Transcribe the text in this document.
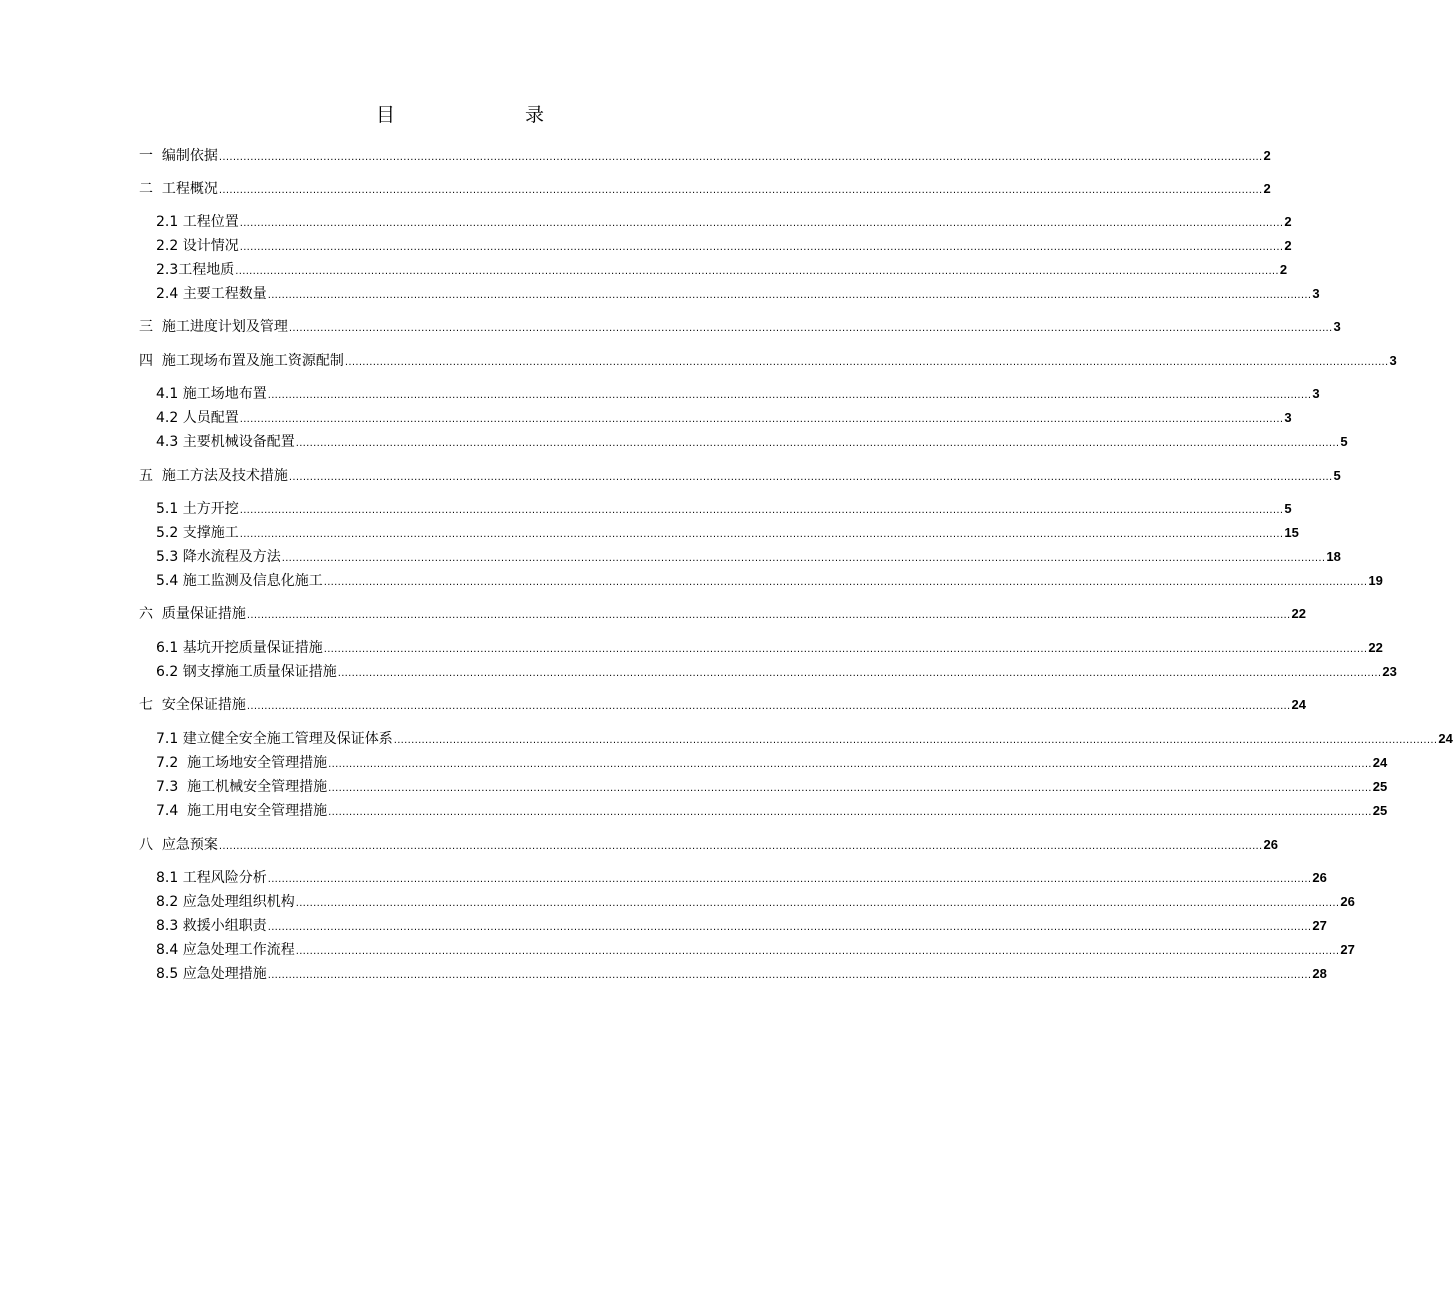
目 录
一 编制依据 ............................................................................................................................................................................................................................................................................................................ 2
二 工程概况 ............................................................................................................................................................................................................................................................................................................ 2
2.1 工程位置 ............................................................................................................................................................................................................................................................................................................ 2
2.2 设计情况 ............................................................................................................................................................................................................................................................................................................ 2
2.3 工程地质 ............................................................................................................................................................................................................................................................................................................ 2
2.4 主要工程数量 ............................................................................................................................................................................................................................................................................................................ 3
三 施工进度计划及管理 ............................................................................................................................................................................................................................................................................................................ 3
四 施工现场布置及施工资源配制 ............................................................................................................................................................................................................................................................................................................ 3
4.1 施工场地布置 ............................................................................................................................................................................................................................................................................................................ 3
4.2 人员配置 ............................................................................................................................................................................................................................................................................................................ 3
4.3 主要机械设备配置 ............................................................................................................................................................................................................................................................................................................ 5
五 施工方法及技术措施 ............................................................................................................................................................................................................................................................................................................ 5
5.1 土方开挖 ............................................................................................................................................................................................................................................................................................................ 5
5.2 支撑施工 ............................................................................................................................................................................................................................................................................................................ 15
5.3 降水流程及方法 ............................................................................................................................................................................................................................................................................................................ 18
5.4 施工监测及信息化施工 ............................................................................................................................................................................................................................................................................................................ 19
六 质量保证措施 ............................................................................................................................................................................................................................................................................................................ 22
6.1 基坑开挖质量保证措施 ............................................................................................................................................................................................................................................................................................................ 22
6.2 钢支撑施工质量保证措施 ............................................................................................................................................................................................................................................................................................................ 23
七 安全保证措施 ............................................................................................................................................................................................................................................................................................................ 24
7.1 建立健全安全施工管理及保证体系 ............................................................................................................................................................................................................................................................................................................ 24
7.2 施工场地安全管理措施 ............................................................................................................................................................................................................................................................................................................ 24
7.3 施工机械安全管理措施 ............................................................................................................................................................................................................................................................................................................ 25
7.4 施工用电安全管理措施 ............................................................................................................................................................................................................................................................................................................ 25
八 应急预案 ............................................................................................................................................................................................................................................................................................................ 26
8.1 工程风险分析 ............................................................................................................................................................................................................................................................................................................ 26
8.2 应急处理组织机构 ............................................................................................................................................................................................................................................................................................................ 26
8.3 救援小组职责 ............................................................................................................................................................................................................................................................................................................ 27
8.4 应急处理工作流程 ............................................................................................................................................................................................................................................................................................................ 27
8.5 应急处理措施 ............................................................................................................................................................................................................................................................................................................ 28
